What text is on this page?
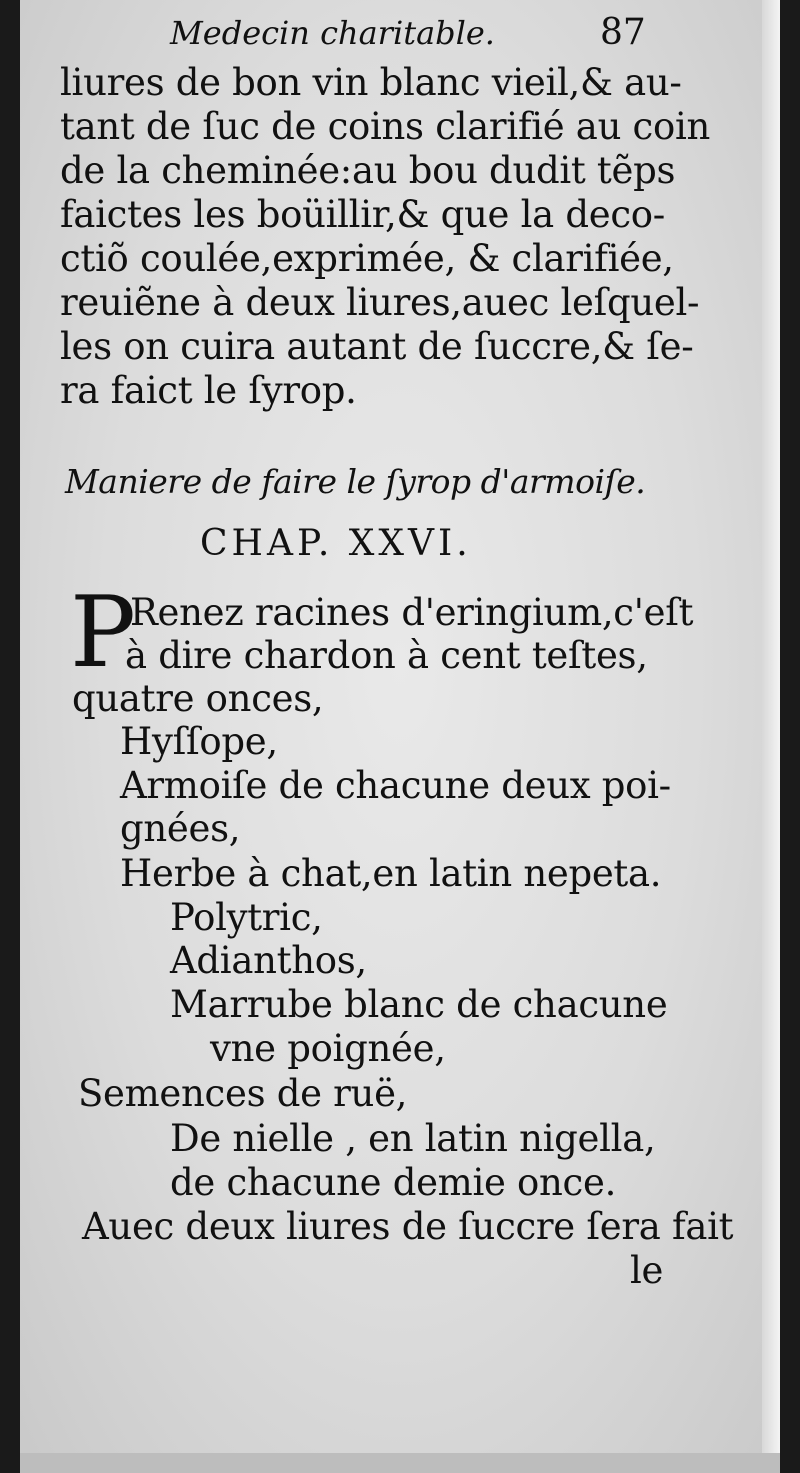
Medecin charitable.	87
liures de bon vin blanc vieil,& au-
tant de ſuc de coins clarifié au coin
de la cheminée:au bou dudit tẽps
faictes les boüillir,& que la deco-
ctiõ coulée,exprimée, & clarifiée,
reuiẽne à deux liures,auec leſquel-
les on cuira autant de ſuccre,& ſe-
ra faict le ſyrop.
Maniere de faire le ſyrop d'armoiſe.
CHAP. XXVI.
P
Renez racines d'eringium,c'eſt
à dire chardon à cent teſtes,
quatre onces,
Hyſſope,
Armoiſe de chacune deux poi-
gnées,
Herbe à chat,en latin nepeta.
Polytric,
Adianthos,
Marrube blanc de chacune
vne poignée,
Semences de ruë,
De nielle , en latin nigella,
de chacune demie once.
Auec deux liures de ſuccre ſera fait
le
